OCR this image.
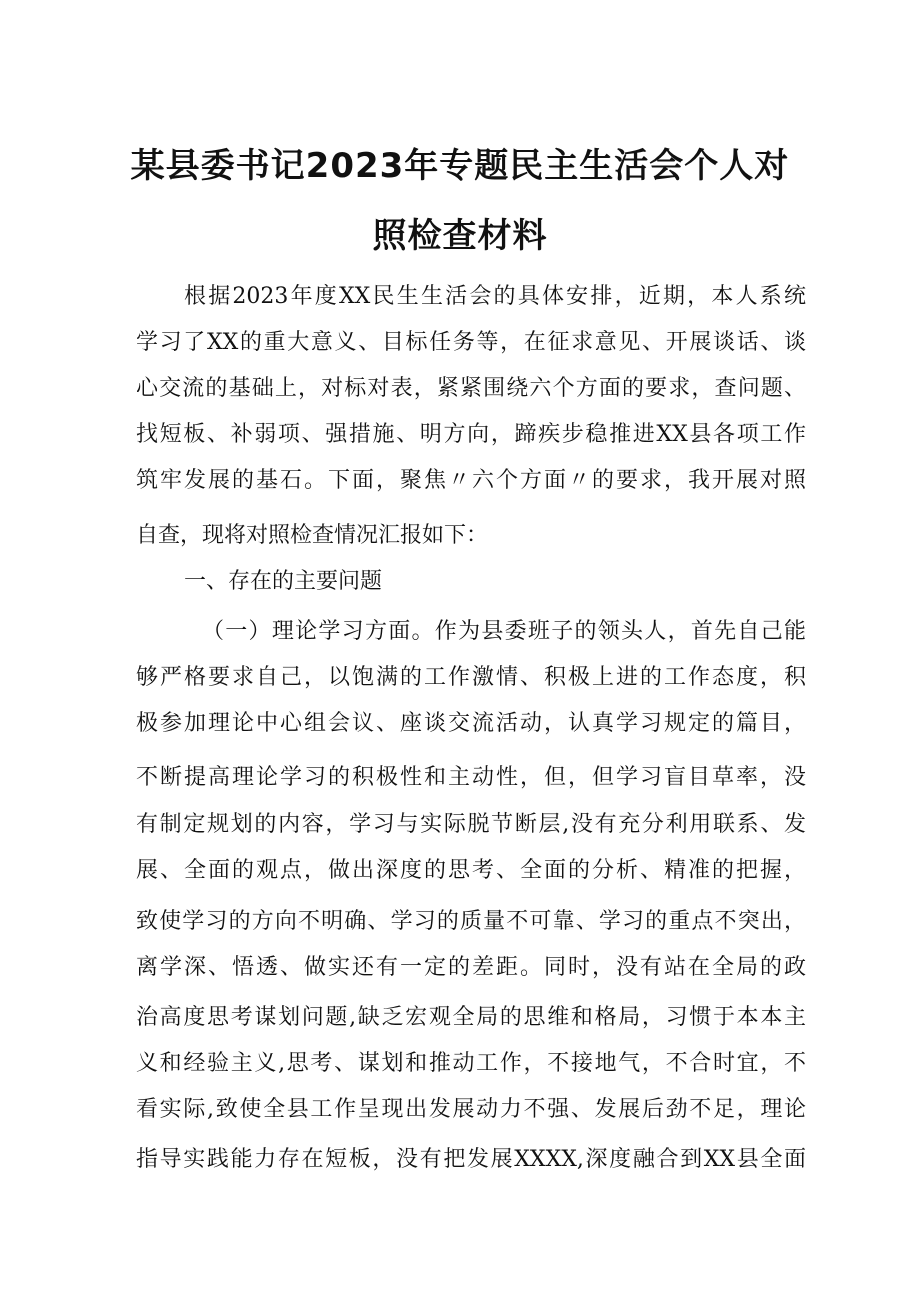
某县委书记2023年专题民主生活会个人对
照检查材料
根据2023年度XX民生生活会的具体安排，近期，本人系统
学习了XX的重大意义、目标任务等，在征求意见、开展谈话、谈
心交流的基础上，对标对表，紧紧围绕六个方面的要求，查问题、
找短板、补弱项、强措施、明方向，蹄疾步稳推进XX县各项工作
筑牢发展的基石。下面，聚焦〃六个方面〃的要求，我开展对照
自查，现将对照检查情况汇报如下：
一、存在的主要问题
（一）理论学习方面。作为县委班子的领头人，首先自己能
够严格要求自己，以饱满的工作激情、积极上进的工作态度，积
极参加理论中心组会议、座谈交流活动，认真学习规定的篇目，
不断提高理论学习的积极性和主动性，但，但学习盲目草率，没
有制定规划的内容，学习与实际脱节断层,没有充分利用联系、发
展、全面的观点，做出深度的思考、全面的分析、精准的把握，
致使学习的方向不明确、学习的质量不可靠、学习的重点不突出，
离学深、悟透、做实还有一定的差距。同时，没有站在全局的政
治高度思考谋划问题,缺乏宏观全局的思维和格局，习惯于本本主
义和经验主义,思考、谋划和推动工作，不接地气，不合时宜，不
看实际,致使全县工作呈现出发展动力不强、发展后劲不足，理论
指导实践能力存在短板，没有把发展XXXX,深度融合到XX县全面
